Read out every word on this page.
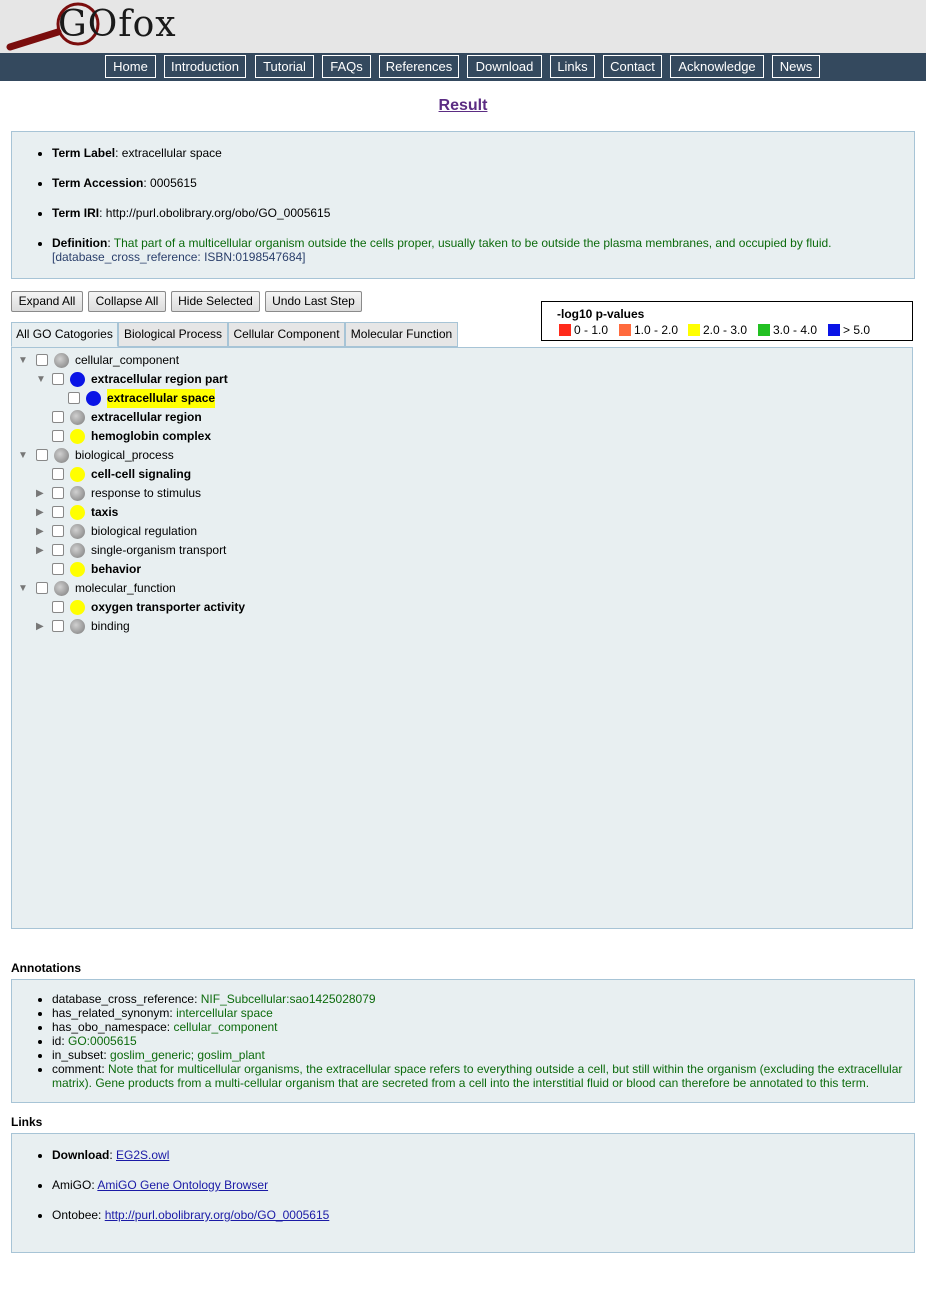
GOfox
Home	Introduction	Tutorial	FAQs	References	Download	Links	Contact	Acknowledge	News
Result
• Term Label: extracellular space
• Term Accession: 0005615
• Term IRI: http://purl.obolibrary.org/obo/GO_0005615
• Definition: That part of a multicellular organism outside the cells proper, usually taken to be outside the plasma membranes, and occupied by fluid.
[database_cross_reference: ISBN:0198547684]
Expand All	Collapse All	Hide Selected	Undo Last Step
-log10 p-values
0 - 1.0	1.0 - 2.0	2.0 - 3.0	3.0 - 4.0	> 5.0
All GO Catogories Biological Process Cellular Component Molecular Function
▼	cellular_component
▼	extracellular region part
extracellular space
extracellular region
hemoglobin complex
▼	biological_process
cell-cell signaling
▶	response to stimulus
▶	taxis
▶	biological regulation
▶	single-organism transport
behavior
▼	molecular_function
oxygen transporter activity
▶	binding
Annotations
• database_cross_reference: NIF_Subcellular:sao1425028079
• has_related_synonym: intercellular space
• has_obo_namespace: cellular_component
• id: GO:0005615
• in_subset: goslim_generic; goslim_plant
• comment: Note that for multicellular organisms, the extracellular space refers to everything outside a cell, but still within the organism (excluding the extracellular matrix). Gene products from a multi-cellular organism that are secreted from a cell into the interstitial fluid or blood can therefore be annotated to this term.
Links
• Download: EG2S.owl
• AmiGO: AmiGO Gene Ontology Browser
• Ontobee: http://purl.obolibrary.org/obo/GO_0005615
